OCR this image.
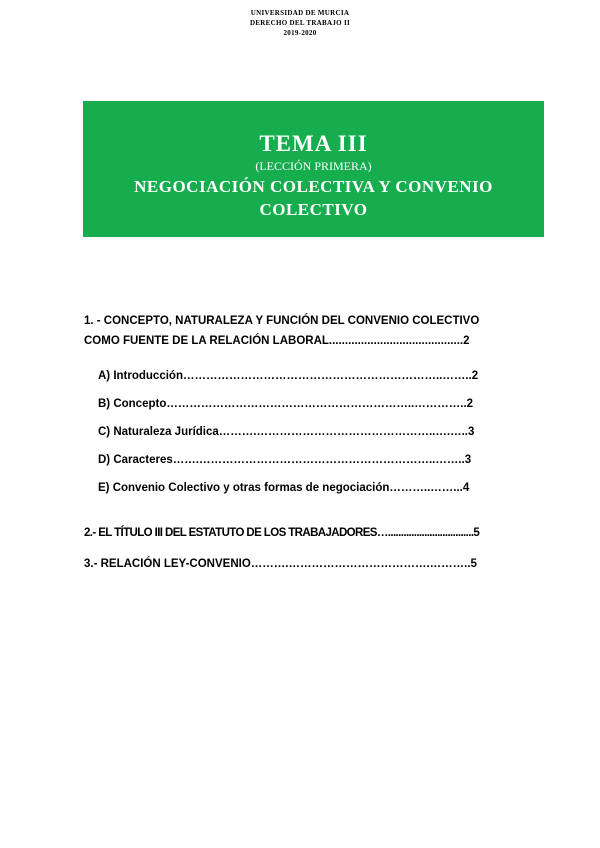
UNIVERSIDAD DE MURCIA
DERECHO DEL TRABAJO II
2019-2020
TEMA III
(LECCIÓN PRIMERA)
NEGOCIACIÓN COLECTIVA Y CONVENIO
COLECTIVO
1. - CONCEPTO, NATURALEZA Y FUNCIÓN DEL CONVENIO COLECTIVO
COMO FUENTE DE LA RELACIÓN LABORAL..........................................2
A) Introducción…………………………………………………………..……..2
B) Concepto………………………………………………………..…………..2
C) Naturaleza Jurídica……….………………………………………..….…..3
D) Caracteres…….……………………………………………………..……..3
E) Convenio Colectivo y otras formas de negociación………..……...4
2.- EL TÍTULO III DEL ESTATUTO DE LOS TRABAJADORES….................................5
3.- RELACIÓN LEY-CONVENIO……….……………………………….………..5
